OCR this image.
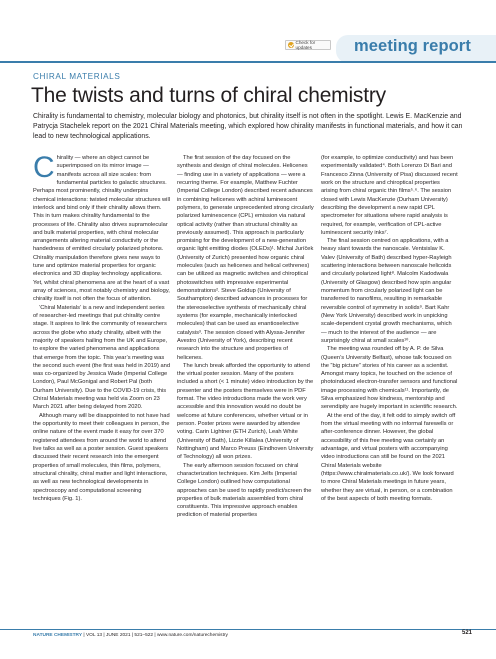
Check for updates	meeting report
CHIRAL MATERIALS
The twists and turns of chiral chemistry
Chirality is fundamental to chemistry, molecular biology and photonics, but chirality itself is not often in the spotlight. Lewis E. MacKenzie and Patrycja Stachelek report on the 2021 Chiral Materials meeting, which explored how chirality manifests in functional materials, and how it can lead to new technological applications.

Chirality — where an object cannot be superimposed on its mirror image — manifests across all size scales: from fundamental particles to galactic structures. Perhaps most prominently, chirality underpins chemical interactions: twisted molecular structures will interlock and bind only if their chirality allows them. This in turn makes chirality fundamental to the processes of life. Chirality also drives supramolecular and bulk material properties, with chiral molecular arrangements altering material conductivity or the handedness of emitted circularly polarized photons. Chirality manipulation therefore gives new ways to tune and optimize material properties for organic electronics and 3D display technology applications. Yet, whilst chiral phenomena are at the heart of a vast array of sciences, most notably chemistry and biology, chirality itself is not often the focus of attention.

‘Chiral Materials’ is a new and independent series of researcher-led meetings that put chirality centre stage. It aspires to link the community of researchers across the globe who study chirality, albeit with the majority of speakers hailing from the UK and Europe, to explore the varied phenomena and applications that emerge from the topic. This year’s meeting was the second such event (the first was held in 2019) and was co-organized by Jessica Wade (Imperial College London), Paul McGonigal and Robert Pal (both Durham University). Due to the COVID-19 crisis, this Chiral Materials meeting was held via Zoom on 23 March 2021 after being delayed from 2020.

Although many will be disappointed to not have had the opportunity to meet their colleagues in person, the online nature of the event made it easy for over 370 registered attendees from around the world to attend live talks as well as a poster session. Guest speakers discussed their recent research into the emergent properties of small molecules, thin films, polymers, structural chirality, chiral matter and light interactions, as well as new technological developments in spectroscopy and computational screening techniques (Fig. 1).

The first session of the day focused on the synthesis and design of chiral molecules. Helicenes — finding use in a variety of applications — were a recurring theme. For example, Matthew Fuchter (Imperial College London) described recent advances in combining helicenes with achiral luminescent polymers, to generate unprecedented strong circularly polarized luminescence (CPL) emission via natural optical activity (rather than structural chirality as previously assumed). This approach is particularly promising for the development of a new-generation organic light emitting diodes (OLEDs)¹. Michal Juríček (University of Zurich) presented how organic chiral molecules (such as helicenes and helical cethrenes) can be utilized as magnetic switches and chiroptical photoswitches with impressive experimental demonstrations². Steve Goldup (University of Southampton) described advances in processes for the stereoselective synthesis of mechanically chiral systems (for example, mechanically interlocked molecules) that can be used as enantioselective catalysis³. The session closed with Alyssa-Jennifer Avestro (University of York), describing recent research into the structure and properties of helicenes.

The lunch break afforded the opportunity to attend the virtual poster session. Many of the posters included a short (< 1 minute) video introduction by the presenter and the posters themselves were in PDF format. The video introductions made the work very accessible and this innovation would no doubt be welcome at future conferences, whether virtual or in person. Poster prizes were awarded by attendee voting. Carin Lightner (ETH Zurich), Leah White (University of Bath), Lizzie Killalea (University of Nottingham) and Marco Preuss (Eindhoven University of Technology) all won prizes.

The early afternoon session focused on chiral characterization techniques. Kim Jelfs (Imperial College London) outlined how computational approaches can be used to rapidly predict/screen the properties of bulk materials assembled from chiral constituents. This impressive approach enables prediction of material properties

(for example, to optimize conductivity) and has been experimentally validated⁴. Both Lorenzo Di Bari and Francesco Zinna (University of Pisa) discussed recent work on the structure and chiroptical properties arising from chiral organic thin films⁵˒⁶. The session closed with Lewis MacKenzie (Durham University) describing the development a new rapid CPL spectrometer for situations where rapid analysis is required, for example, verification of CPL-active luminescent security inks⁷.

The final session centred on applications, with a heavy slant towards the nanoscale. Ventsislav K. Valev (University of Bath) described hyper-Rayleigh scattering interactions between nanoscale helicoids and circularly polarized light⁸. Malcolm Kadodwala (University of Glasgow) described how spin angular momentum from circularly polarized light can be transferred to nanofilms, resulting in remarkable reversible control of symmetry in solids⁹. Bart Kahr (New York University) described work in unpicking scale-dependent crystal growth mechanisms, which — much to the interest of the audience — are surprisingly chiral at small scales¹⁰.

The meeting was rounded off by A. P. de Silva (Queen’s University Belfast), whose talk focused on the “big picture” stories of his career as a scientist. Amongst many topics, he touched on the science of photoinduced electron-transfer sensors and functional image processing with chemicals¹¹. Importantly, de Silva emphasized how kindness, mentorship and serendipity are hugely important in scientific research.

At the end of the day, it felt odd to simply switch off from the virtual meeting with no informal farewells or after-conference dinner. However, the global accessibility of this free meeting was certainly an advantage, and virtual posters with accompanying video introductions can still be found on the 2021 Chiral Materials website (https://www.chiralmaterials.co.uk/). We look forward to more Chiral Materials meetings in future years, whether they are virtual, in person, or a combination of the best aspects of both meeting formats.

NATURE CHEMISTRY | VOL 13 | JUNE 2021 | 521–522 | www.nature.com/naturechemistry	521
